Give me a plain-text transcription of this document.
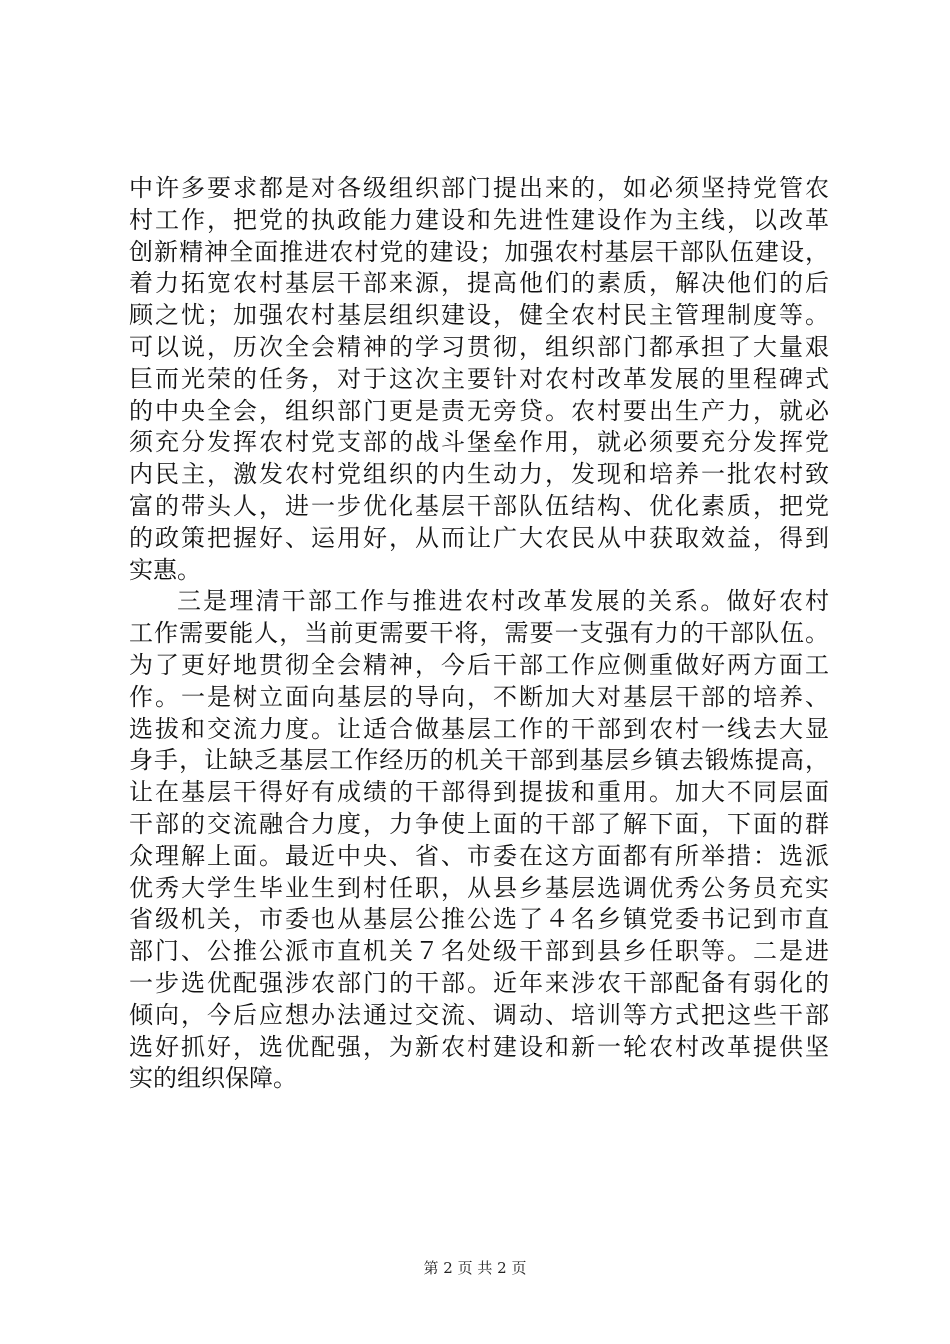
中许多要求都是对各级组织部门提出来的，如必须坚持党管农
村工作，把党的执政能力建设和先进性建设作为主线，以改革
创新精神全面推进农村党的建设；加强农村基层干部队伍建设，
着力拓宽农村基层干部来源，提高他们的素质，解决他们的后
顾之忧；加强农村基层组织建设，健全农村民主管理制度等。
可以说，历次全会精神的学习贯彻，组织部门都承担了大量艰
巨而光荣的任务，对于这次主要针对农村改革发展的里程碑式
的中央全会，组织部门更是责无旁贷。农村要出生产力，就必
须充分发挥农村党支部的战斗堡垒作用，就必须要充分发挥党
内民主，激发农村党组织的内生动力，发现和培养一批农村致
富的带头人，进一步优化基层干部队伍结构、优化素质，把党
的政策把握好、运用好，从而让广大农民从中获取效益，得到
实惠。
三是理清干部工作与推进农村改革发展的关系。做好农村
工作需要能人，当前更需要干将，需要一支强有力的干部队伍。
为了更好地贯彻全会精神，今后干部工作应侧重做好两方面工
作。一是树立面向基层的导向，不断加大对基层干部的培养、
选拔和交流力度。让适合做基层工作的干部到农村一线去大显
身手，让缺乏基层工作经历的机关干部到基层乡镇去锻炼提高，
让在基层干得好有成绩的干部得到提拔和重用。加大不同层面
干部的交流融合力度，力争使上面的干部了解下面，下面的群
众理解上面。最近中央、省、市委在这方面都有所举措：选派
优秀大学生毕业生到村任职，从县乡基层选调优秀公务员充实
省级机关，市委也从基层公推公选了４名乡镇党委书记到市直
部门、公推公派市直机关７名处级干部到县乡任职等。二是进
一步选优配强涉农部门的干部。近年来涉农干部配备有弱化的
倾向，今后应想办法通过交流、调动、培训等方式把这些干部
选好抓好，选优配强，为新农村建设和新一轮农村改革提供坚
实的组织保障。
第 2 页 共 2 页
